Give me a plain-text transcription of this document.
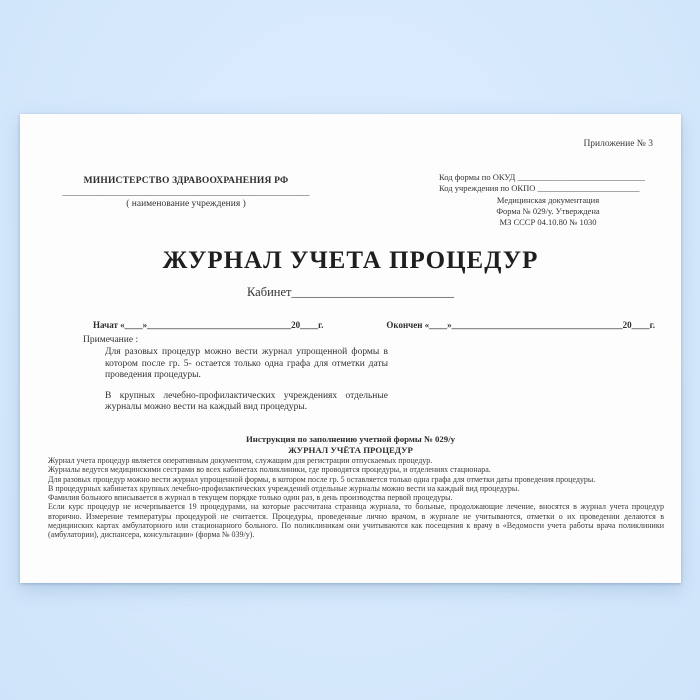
Приложение № 3
МИНИСТЕРСТВО ЗДРАВООХРАНЕНИЯ РФ
____________________________________________________
( наименование учреждения )
Код формы по ОКУД ______________________________
Код учреждения по ОКПО ________________________
Медицинская документация
Форма № 029/у. Утверждена
МЗ СССР 04.10.80 № 1030
ЖУРНАЛ УЧЕТА ПРОЦЕДУР
Кабинет__________________________
Начат «____»________________________________20____г.	Окончен «____»______________________________________20____г.
Примечание :

Для разовых процедур можно вести журнал упрощенной формы в котором после гр. 5- остается только одна графа для отметки даты проведения процедуры.

В крупных лечебно-профилактических учреждениях отдельные журналы можно вести на каждый вид процедуры.

Инструкция по заполнению учетной формы № 029/у
ЖУРНАЛ УЧЁТА ПРОЦЕДУР

Журнал учета процедур является оперативным документом, служащим для регистрации отпускаемых процедур.

Журналы ведутся медицинскими сестрами во всех кабинетах поликлиники, где проводятся процедуры, и отделениях стационара.

Для разовых процедур можно вести журнал упрощенной формы, в котором после гр. 5 оставляется только одна графа для отметки даты проведения процедуры.

В процедурных кабинетах крупных лечебно-профилактических учреждений отдельные журналы можно вести на каждый вид процедуры.

Фамилия больного вписывается в журнал в текущем порядке только один раз, в день производства первой процедуры.

Если курс процедур не исчерпывается 19 процедурами, на которые рассчитана страница журнала, то больные, продолжающие лечение, вносятся в журнал учета процедур вторично. Измерение температуры процедурой не считается. Процедуры, проведенные лично врачом, в журнале не учитываются, отметки о их проведении делаются в медицинских картах амбулаторного или стационарного больного. По поликлиникам они учитываются как посещения к врачу в «Ведомости учета работы врача поликлиники (амбулатории), диспансера, консультации» (форма № 039/у).
